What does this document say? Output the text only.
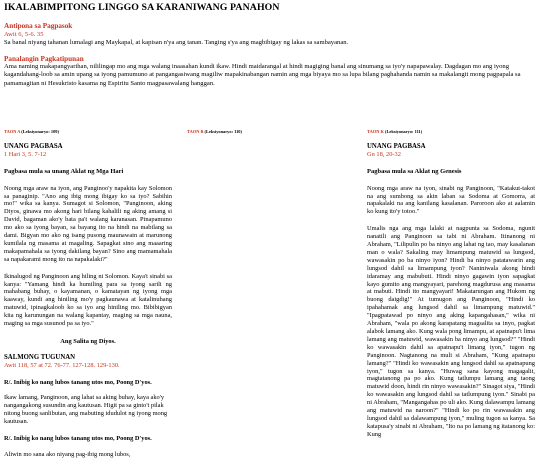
IKALABIMPITONG LINGGO SA KARANIWANG PANAHON
Antipona sa Pagpasok
Awit 6, 5-6. 35

Sa banal niyang tahanan lumalagi ang Maykapal, at kapisan n'ya ang tanan. Tanging s'ya ang magbibigay ng lakas sa sambayanan.

Panalangin Pagkatipunan

Ama naming makapangyarihan, nililingap mo ang mga walang inaasahan kundi ikaw. Hindi maidarangal at hindi magiging banal ang sinumang sa iyo'y napapawalay. Dagdagan mo ang iyong kagandahang-loob sa amin upang sa iyong pamumuno at pangangasiwang magiliw mapakinabangan namin ang mga biyaya mo sa lupa bilang paghahanda namin sa makalangit mong pagpapala sa pamamagitan ni Hesukristo kasama ng Espiritu Santo magpasawalang hanggan.

TAON A (Leksiyonaryo: 109)
UNANG PAGBASA
1 Hari 3, 5. 7-12
Pagbasa mula sa unang Aklat ng Mga Hari

Noong mga araw na iyon, ang Panginoo'y napakita kay Solomon sa panaginip. "Ano ang ibig mong ibigay ko sa iyo? Sabihin mo!" wika sa kanya. Sumagot si Solomon, "Panginoon, aking Diyos, ginawa mo akong hari bilang kahalili ng aking amang si David, bagaman ako'y bata pa't walang karanasan. Pinapamuno mo ako sa iyong bayan, sa bayang ito na hindi na mabilang sa dami. Bigyan mo ako ng isang pusong maunawain at marunong kumilala ng masama at magaling. Sapagkat sino ang maaaring makapamahala sa iyong dakilang bayan? Sino ang mamamahala sa napakarami mong ito na napakalaki?"

Ikinalugod ng Panginoon ang hiling ni Solomon. Kaya't sinabi sa kanya: "Yamang hindi ka humiling para sa iyong sarili ng mahabang buhay, o kayamanan, o kamatayan ng iyong mga kaaway, kundi ang hiniling mo'y pagkaunawa at katalinuhang matuwid, ipinagkaloob ko sa iyo ang hiniling mo. Bibibigyan kita ng karunungan na walang kapantay, maging sa mga nauna, maging sa mga susunod pa sa iyo."

Ang Salita ng Diyos.
SALMONG TUGUNAN
Awit 118, 57 at 72. 76-77. 127-128. 129-130.
R/. Inibig ko nang lubos tanang utos mo, Poong D'yos.
Ikaw lamang, Panginoon, ang lahat sa aking buhay, kaya ako'y nangangakong susundin ang kautusan. Higit pa sa ginto't pilak nitong buong sanlibutan, ang mabuting idudulot ng iyong mong kautusan.
R/. Inibig ko nang lubos tanang utos mo, Poong D'yos.
Aliwin mo sana ako niyang pag-ibig mong lubos,
TAON B (Leksiyonaryo: 110)	TAON K (Leksiyonaryo: 111)
UNANG PAGBASA
Gn 18, 20-32
Pagbasa mula sa Aklat ng Genesis

Noong mga araw na iyon, sinabi ng Panginoon, "Katakut-takot na ang sumbong sa akin laban sa Sodoma at Gomorra, at napakalaki na ang kanilang kasalanan. Paroroon ako at aalamin ko kung ito'y totoo."

Umalis nga ang mga lalaki at nagpunta sa Sodoma, ngunit nanatili ang Panginoon sa tabi ni Abraham. Itinanong ni Abraham, "Lilipulin po ba ninyo ang lahat ng tao, may kasalanan man o wala? Sakaling may limampung matuwid sa lungsod, wawasakin po ba ninyo iyon? Hindi ba ninyo patatawarin ang lungsod dahil sa limampung iyon? Naniniwala akong hindi idaramay ang mabubuti. Hindi ninyo gagawin iyon sapagkat kayo gumito ang mangyayari, parehong magdurusa ang masama at mabuti. Hindi ito mangyayari! Makatarungan ang Hukom ng buong daigdig!" At tumugon ang Panginoon, "Hindi ko ipahahamak ang lungsod dahil sa limampung matuwid." "Ipagpatawad po ninyo ang aking kapangahasan," wika ni Abraham, "wala po akong karapatang magsalita sa inyo, pagkat alabok lamang ako. Kung wala pong limampu, at apatnapu't lima lamang ang matuwid, wawasakin ba ninyo ang lungsod?" "Hindi ko wawasakin dahil sa apatnapu't limang iyon," tugon ng Panginoon. Nagtanong na muli si Abraham, "Kung apatnapu lamang?" "Hindi ko wawasakin ang lungsod dahil sa apatnapung iyon," tugon sa kanya. "Huwag sana kayong magagalit, magtatanong pa po ako. Kung tatlumpu lamang ang taong matuwid doon, hindi rin ninyo wawasakin?" Sinagot siya, "Hindi ko wawasakin ang lungsod dahil sa tatlumpung iyon." Sinabi pa ni Abraham, "Mangangahas po uli ako. Kung dalawampu lamang ang matuwid na naroon?" "Hindi ko po rin wawasakin ang lungsod dahil sa dalawampung iyon," muling tugon sa kanya. Sa katapusa'y sinabi ni Abraham, "Ito na po lamang ng itatanong ko: Kung
